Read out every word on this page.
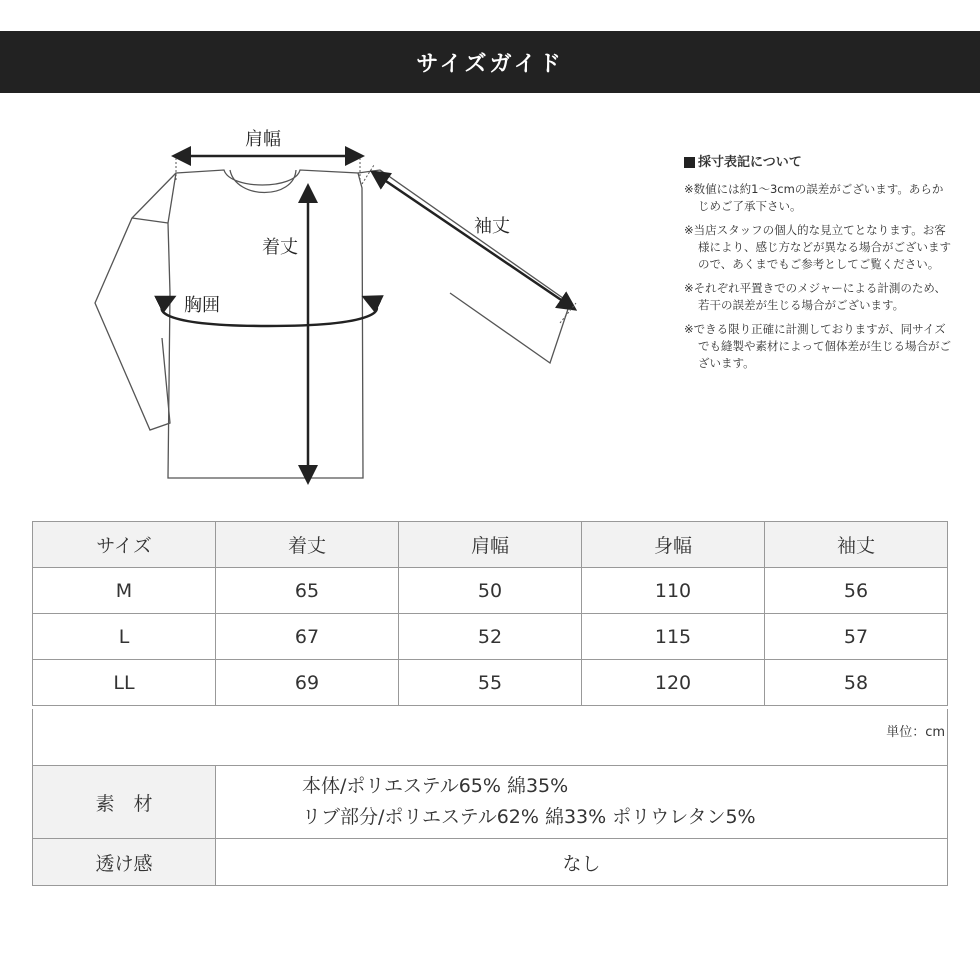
サイズガイド
肩幅
着丈
袖丈
胸囲
採寸表記について
※数値には約1〜3cmの誤差がございます。あらかじめご了承下さい。
※当店スタッフの個人的な見立てとなります。お客様により、感じ方などが異なる場合がございますので、あくまでもご参考としてご覧ください。
※それぞれ平置きでのメジャーによる計測のため、若干の誤差が生じる場合がございます。
※できる限り正確に計測しておりますが、同サイズでも縫製や素材によって個体差が生じる場合がございます。
サイズ	着丈	肩幅	身幅	袖丈
M	65	50	110	56
L	67	52	115	57
LL	69	55	120	58
単位：cm
素　材	本体/ポリエステル65% 綿35%
リブ部分/ポリエステル62% 綿33% ポリウレタン5%

透け感	なし
